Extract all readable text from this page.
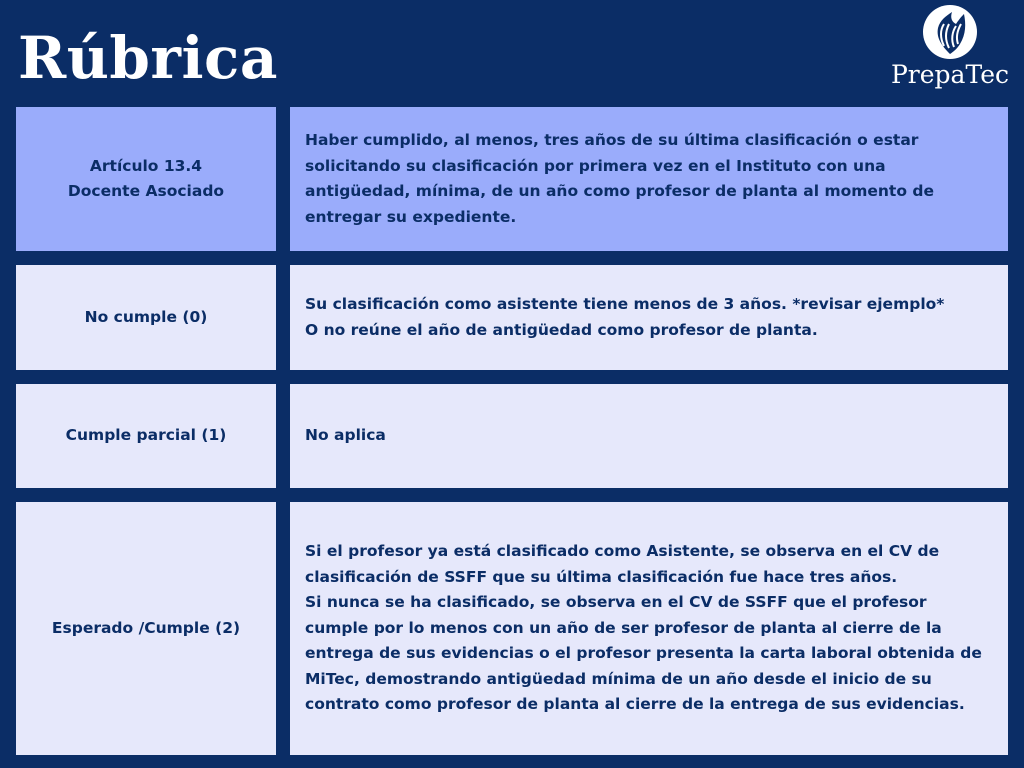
Rúbrica	PrepaTec
Artículo 13.4
Docente Asociado
Haber cumplido, al menos, tres años de su última clasificación o estar solicitando su clasificación por primera vez en el Instituto con una antigüedad, mínima, de un año como profesor de planta al momento de entregar su expediente.
No cumple (0)
Su clasificación como asistente tiene menos de 3 años. *revisar ejemplo*
O no reúne el año de antigüedad como profesor de planta.
Cumple parcial (1)	No aplica
Esperado /Cumple (2)
Si el profesor ya está clasificado como Asistente, se observa en el CV de clasificación de SSFF que su última clasificación fue hace tres años.
Si nunca se ha clasificado, se observa en el CV de SSFF que el profesor cumple por lo menos con un año de ser profesor de planta al cierre de la entrega de sus evidencias o el profesor presenta la carta laboral obtenida de MiTec, demostrando antigüedad mínima de un año desde el inicio de su contrato como profesor de planta al cierre de la entrega de sus evidencias.
